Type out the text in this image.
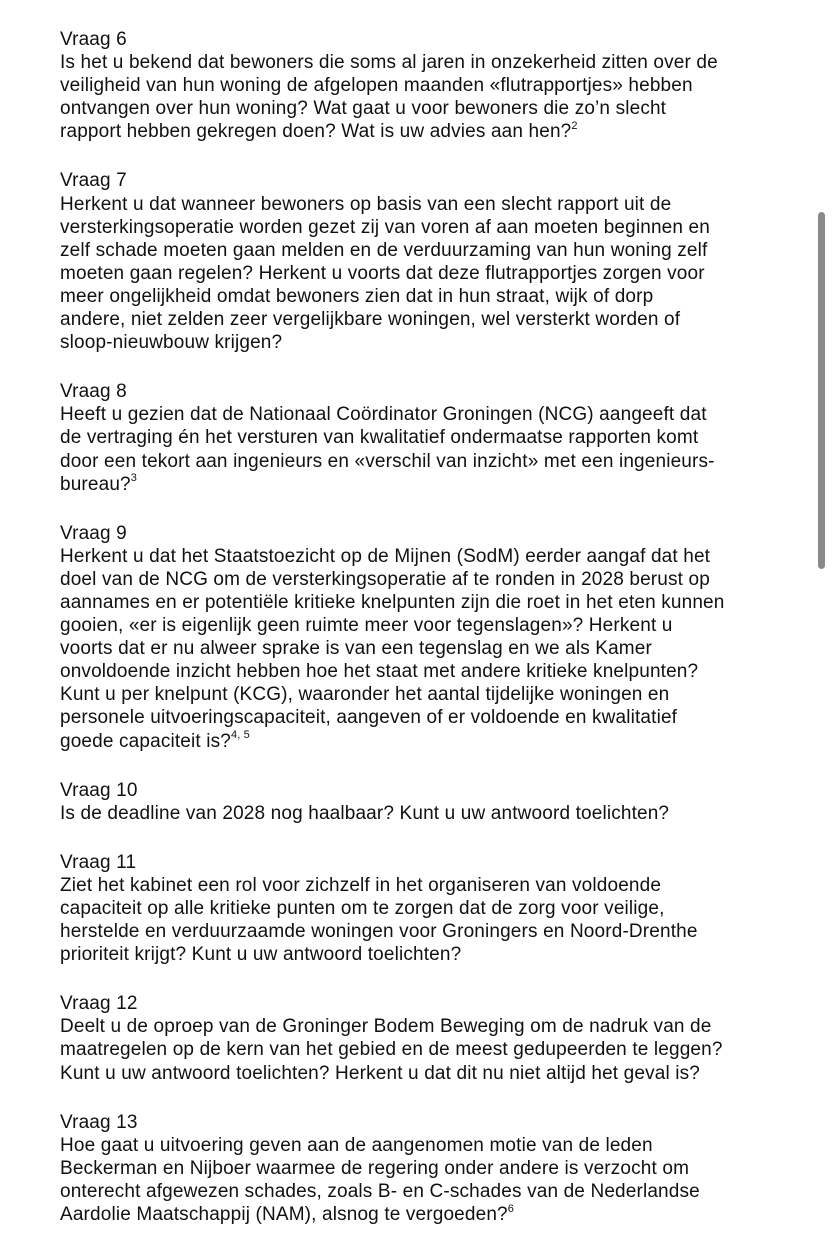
Vraag 6
Is het u bekend dat bewoners die soms al jaren in onzekerheid zitten over de
veiligheid van hun woning de afgelopen maanden «flutrapportjes» hebben
ontvangen over hun woning? Wat gaat u voor bewoners die zo’n slecht
rapport hebben gekregen doen? Wat is uw advies aan hen?$^2$
Vraag 7
Herkent u dat wanneer bewoners op basis van een slecht rapport uit de
versterkingsoperatie worden gezet zij van voren af aan moeten beginnen en
zelf schade moeten gaan melden en de verduurzaming van hun woning zelf
moeten gaan regelen? Herkent u voorts dat deze flutrapportjes zorgen voor
meer ongelijkheid omdat bewoners zien dat in hun straat, wijk of dorp
andere, niet zelden zeer vergelijkbare woningen, wel versterkt worden of
sloop-nieuwbouw krijgen?
Vraag 8
Heeft u gezien dat de Nationaal Coördinator Groningen (NCG) aangeeft dat
de vertraging én het versturen van kwalitatief ondermaatse rapporten komt
door een tekort aan ingenieurs en «verschil van inzicht» met een ingenieurs-
bureau?$^3$
Vraag 9
Herkent u dat het Staatstoezicht op de Mijnen (SodM) eerder aangaf dat het
doel van de NCG om de versterkingsoperatie af te ronden in 2028 berust op
aannames en er potentiële kritieke knelpunten zijn die roet in het eten kunnen
gooien, «er is eigenlijk geen ruimte meer voor tegenslagen»? Herkent u
voorts dat er nu alweer sprake is van een tegenslag en we als Kamer
onvoldoende inzicht hebben hoe het staat met andere kritieke knelpunten?
Kunt u per knelpunt (KCG), waaronder het aantal tijdelijke woningen en
personele uitvoeringscapaciteit, aangeven of er voldoende en kwalitatief
goede capaciteit is?$^{4, 5}$
Vraag 10
Is de deadline van 2028 nog haalbaar? Kunt u uw antwoord toelichten?
Vraag 11
Ziet het kabinet een rol voor zichzelf in het organiseren van voldoende
capaciteit op alle kritieke punten om te zorgen dat de zorg voor veilige,
herstelde en verduurzaamde woningen voor Groningers en Noord-Drenthe
prioriteit krijgt? Kunt u uw antwoord toelichten?
Vraag 12
Deelt u de oproep van de Groninger Bodem Beweging om de nadruk van de
maatregelen op de kern van het gebied en de meest gedupeerden te leggen?
Kunt u uw antwoord toelichten? Herkent u dat dit nu niet altijd het geval is?
Vraag 13
Hoe gaat u uitvoering geven aan de aangenomen motie van de leden
Beckerman en Nijboer waarmee de regering onder andere is verzocht om
onterecht afgewezen schades, zoals B- en C-schades van de Nederlandse
Aardolie Maatschappij (NAM), alsnog te vergoeden?$^6$
